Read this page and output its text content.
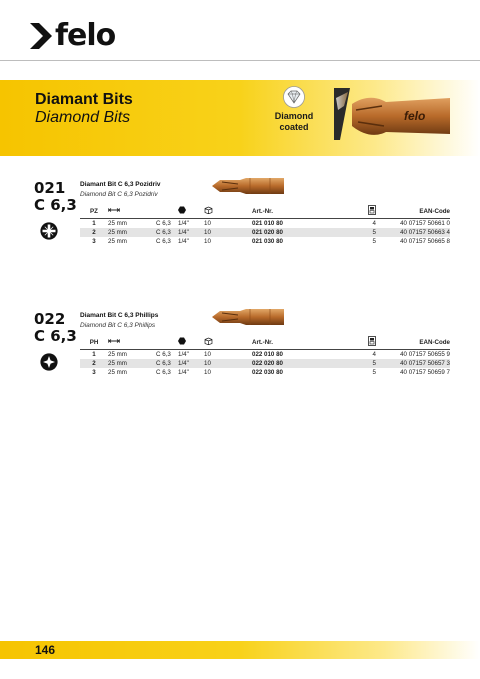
felo
Diamant Bits
Diamond Bits	Diamond coated
felo
021
C 6,3
Diamant Bit C 6,3 Pozidriv
Diamond Bit C 6,3 Pozidriv
PZ					Art.-Nr.		EAN-Code
1	25 mm	C 6,3	1/4"	10	021 010 80	4	40 07157 50661 0
2	25 mm	C 6,3	1/4"	10	021 020 80	5	40 07157 50663 4
3	25 mm	C 6,3	1/4"	10	021 030 80	5	40 07157 50665 8
022
C 6,3
Diamant Bit C 6,3 Phillips
Diamond Bit C 6,3 Phillips
PH					Art.-Nr.		EAN-Code
1	25 mm	C 6,3	1/4"	10	022 010 80	4	40 07157 50655 9
2	25 mm	C 6,3	1/4"	10	022 020 80	5	40 07157 50657 3
3	25 mm	C 6,3	1/4"	10	022 030 80	5	40 07157 50659 7
146
